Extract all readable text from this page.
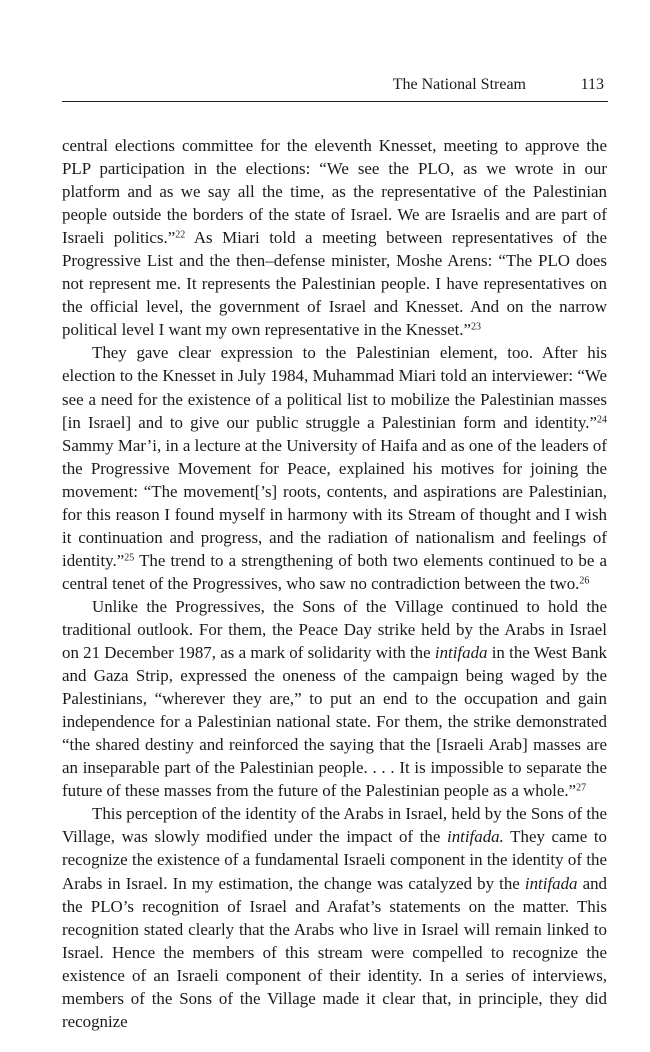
The National Stream	113

central elections committee for the eleventh Knesset, meeting to approve the PLP participation in the elections: “We see the PLO, as we wrote in our platform and as we say all the time, as the representative of the Palestinian people outside the borders of the state of Israel. We are Israelis and are part of Israeli politics.”$^{22}$ As Miari told a meeting between representatives of the Progressive List and the then–defense minister, Moshe Arens: “The PLO does not represent me. It represents the Palestinian people. I have representatives on the official level, the government of Israel and Knesset. And on the narrow political level I want my own representative in the Knesset.”$^{23}$

They gave clear expression to the Palestinian element, too. After his election to the Knesset in July 1984, Muhammad Miari told an interviewer: “We see a need for the existence of a political list to mobilize the Palestinian masses [in Israel] and to give our public struggle a Palestinian form and identity.”$^{24}$ Sammy Mar’i, in a lecture at the University of Haifa and as one of the leaders of the Progressive Movement for Peace, explained his motives for joining the movement: “The movement[’s] roots, contents, and aspirations are Palestinian, for this reason I found myself in harmony with its Stream of thought and I wish it continuation and progress, and the radiation of nationalism and feelings of identity.”$^{25}$ The trend to a strengthening of both two elements continued to be a central tenet of the Progressives, who saw no contradiction between the two.$^{26}$

Unlike the Progressives, the Sons of the Village continued to hold the traditional outlook. For them, the Peace Day strike held by the Arabs in Israel on 21 December 1987, as a mark of solidarity with the intifada in the West Bank and Gaza Strip, expressed the oneness of the campaign being waged by the Palestinians, “wherever they are,” to put an end to the occupation and gain independence for a Palestinian national state. For them, the strike demonstrated “the shared destiny and reinforced the saying that the [Israeli Arab] masses are an inseparable part of the Palestinian people. . . . It is impossible to separate the future of these masses from the future of the Palestinian people as a whole.”$^{27}$

This perception of the identity of the Arabs in Israel, held by the Sons of the Village, was slowly modified under the impact of the intifada. They came to recognize the existence of a fundamental Israeli component in the identity of the Arabs in Israel. In my estimation, the change was catalyzed by the intifada and the PLO’s recognition of Israel and Arafat’s statements on the matter. This recognition stated clearly that the Arabs who live in Israel will remain linked to Israel. Hence the members of this stream were compelled to recognize the existence of an Israeli component of their identity. In a series of interviews, members of the Sons of the Village made it clear that, in principle, they did recognize
